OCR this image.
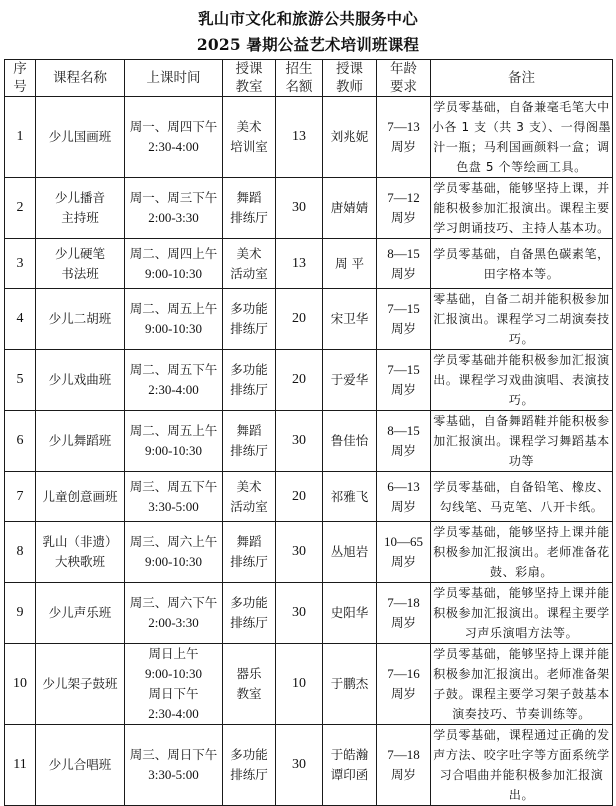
乳山市文化和旅游公共服务中心
2025 暑期公益艺术培训班课程
序
号	课程名称	上课时间	授课
教室	招生
名额	授课
教师	年龄
要求	备注
1	少儿国画班	周一、周四下午
2:30-4:00	美术
培训室	13	刘兆妮	7—13
周岁	学员零基础，自备兼毫毛笔大中小各 1 支（共 3 支）、一得阁墨汁一瓶；马利国画颜料一盒；调色盘 5 个等绘画工具。
2	少儿播音
主持班	周一、周三下午
2:00-3:30	舞蹈
排练厅	30	唐婧婧	7—12
周岁	学员零基础，能够坚持上课，并能积极参加汇报演出。课程主要学习朗诵技巧、主持人基本功。
3	少儿硬笔
书法班	周二、周四上午
9:00-10:30	美术
活动室	13	周 平	8—15
周岁	学员零基础，自备黑色碳素笔，田字格本等。
4	少儿二胡班	周二、周五上午
9:00-10:30	多功能
排练厅	20	宋卫华	7—15
周岁	零基础，自备二胡并能积极参加汇报演出。课程学习二胡演奏技巧。
5	少儿戏曲班	周二、周五下午
2:30-4:00	多功能
排练厅	20	于爱华	7—15
周岁	学员零基础并能积极参加汇报演出。课程学习戏曲演唱、表演技巧。
6	少儿舞蹈班	周二、周五上午
9:00-10:30	舞蹈
排练厅	30	鲁佳怡	8—15
周岁	零基础，自备舞蹈鞋并能积极参加汇报演出。课程学习舞蹈基本功等
7	儿童创意画班	周三、周五下午
3:30-5:00	美术
活动室	20	祁雅飞	6—13
周岁	学员零基础，自备铅笔、橡皮、勾线笔、马克笔、八开卡纸。
8	乳山（非遗）
大秧歌班	周三、周六上午
9:00-10:30	舞蹈
排练厅	30	丛旭岩	10—65
周岁	学员零基础，能够坚持上课并能积极参加汇报演出。老师准备花鼓、彩扇。
9	少儿声乐班	周三、周六下午
2:00-3:30	多功能
排练厅	30	史阳华	7—18
周岁	学员零基础，能够坚持上课并能积极参加汇报演出。课程主要学习声乐演唱方法等。
10	少儿架子鼓班	周日上午
9:00-10:30
周日下午
2:30-4:00	器乐
教室	10	于鹏杰	7—16
周岁	学员零基础，能够坚持上课并能积极参加汇报演出。老师准备架子鼓。课程主要学习架子鼓基本演奏技巧、节奏训练等。
11	少儿合唱班	周三、周日下午
3:30-5:00	多功能
排练厅	30	于皓瀚
谭印函	7—18
周岁	学员零基础，课程通过正确的发声方法、咬字吐字等方面系统学习合唱曲并能积极参加汇报演出。
